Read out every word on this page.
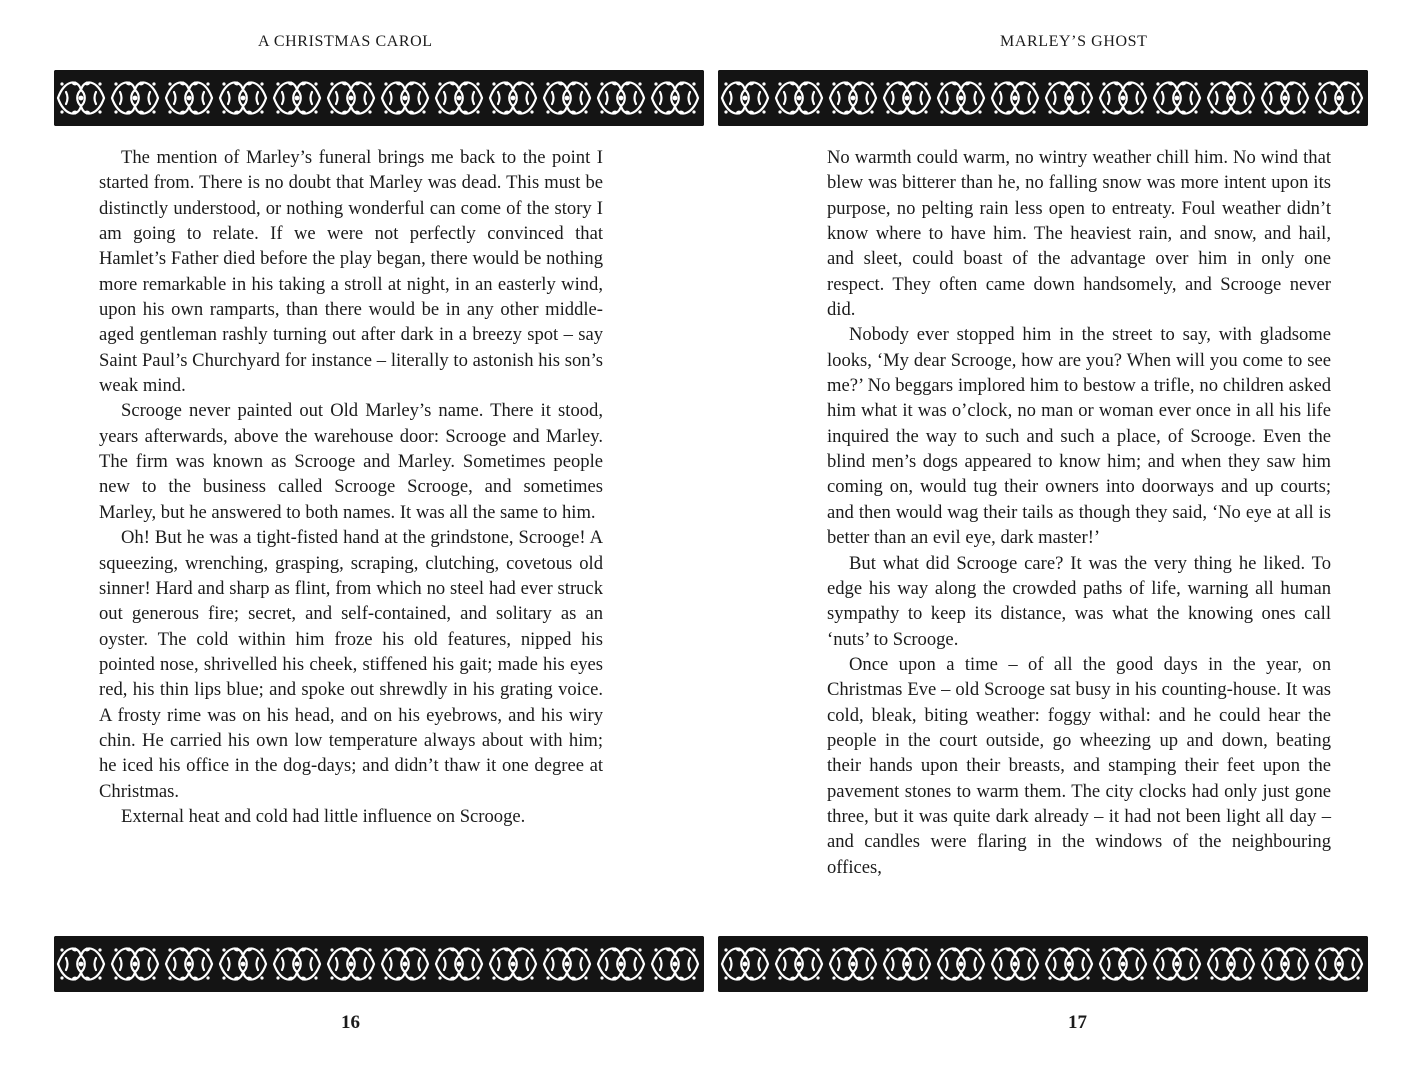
A CHRISTMAS CAROL

The mention of Marley’s funeral brings me back to the point I started from. There is no doubt that Marley was dead. This must be distinctly understood, or nothing wonderful can come of the story I am going to relate. If we were not perfectly convinced that Hamlet’s Father died before the play began, there would be nothing more remarkable in his taking a stroll at night, in an easterly wind, upon his own ramparts, than there would be in any other middle-aged gentleman rashly turning out after dark in a breezy spot – say Saint Paul’s Churchyard for instance – literally to astonish his son’s weak mind.

Scrooge never painted out Old Marley’s name. There it stood, years afterwards, above the warehouse door: Scrooge and Marley. The firm was known as Scrooge and Marley. Sometimes people new to the business called Scrooge Scrooge, and sometimes Marley, but he answered to both names. It was all the same to him.

Oh! But he was a tight-fisted hand at the grindstone, Scrooge! A squeezing, wrenching, grasping, scraping, clutching, covetous old sinner! Hard and sharp as flint, from which no steel had ever struck out generous fire; secret, and self-contained, and solitary as an oyster. The cold within him froze his old features, nipped his pointed nose, shrivelled his cheek, stiffened his gait; made his eyes red, his thin lips blue; and spoke out shrewdly in his grating voice. A frosty rime was on his head, and on his eyebrows, and his wiry chin. He carried his own low temperature always about with him; he iced his office in the dog-days; and didn’t thaw it one degree at Christmas.

External heat and cold had little influence on Scrooge.

16

MARLEY’S GHOST

No warmth could warm, no wintry weather chill him. No wind that blew was bitterer than he, no falling snow was more intent upon its purpose, no pelting rain less open to entreaty. Foul weather didn’t know where to have him. The heaviest rain, and snow, and hail, and sleet, could boast of the advantage over him in only one respect. They often came down handsomely, and Scrooge never did.

Nobody ever stopped him in the street to say, with gladsome looks, ‘My dear Scrooge, how are you? When will you come to see me?’ No beggars implored him to bestow a trifle, no children asked him what it was o’clock, no man or woman ever once in all his life inquired the way to such and such a place, of Scrooge. Even the blind men’s dogs appeared to know him; and when they saw him coming on, would tug their owners into doorways and up courts; and then would wag their tails as though they said, ‘No eye at all is better than an evil eye, dark master!’

But what did Scrooge care? It was the very thing he liked. To edge his way along the crowded paths of life, warning all human sympathy to keep its distance, was what the knowing ones call ‘nuts’ to Scrooge.

Once upon a time – of all the good days in the year, on Christmas Eve – old Scrooge sat busy in his counting-house. It was cold, bleak, biting weather: foggy withal: and he could hear the people in the court outside, go wheezing up and down, beating their hands upon their breasts, and stamping their feet upon the pavement stones to warm them. The city clocks had only just gone three, but it was quite dark already – it had not been light all day – and candles were flaring in the windows of the neighbouring offices,

17
